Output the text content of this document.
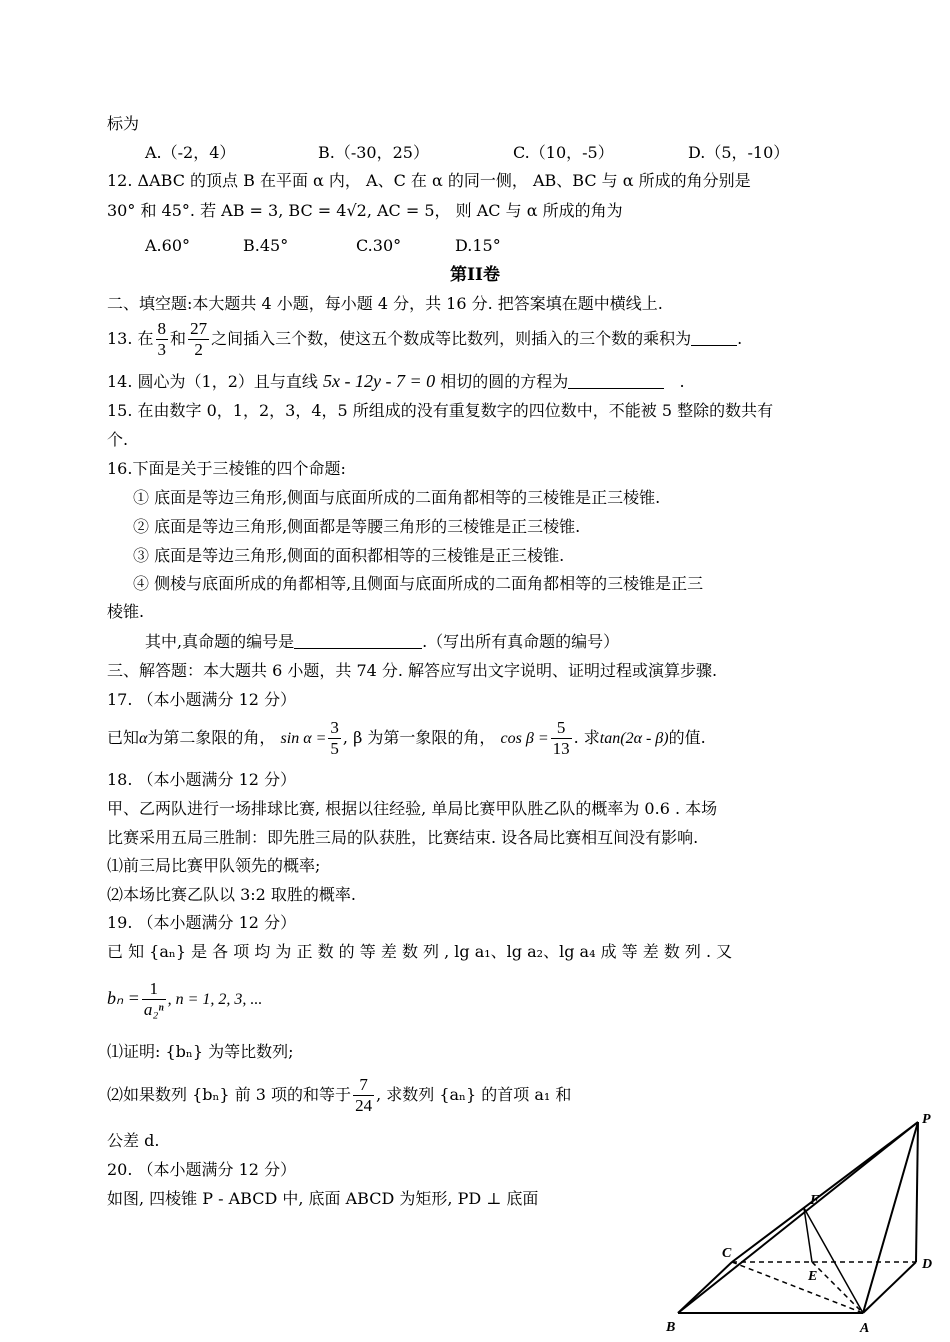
标为
A.（-2，4）	B.（-30，25）	C.（10，-5）	D.（5，-10）
12. ΔABC 的顶点 B 在平面 α 内， A、C 在 α 的同一侧， AB、BC 与 α 所成的角分别是
30° 和 45°. 若 AB = 3, BC = 4√2, AC = 5， 则 AC 与 α 所成的角为
A.60°	B.45°	C.30°	D.15°
第II卷
二、填空题:本大题共 4 小题，每小题 4 分，共 16 分. 把答案填在题中横线上.
13. 在 $\frac{8}{3}$ 和 $\frac{27}{2}$ 之间插入三个数，使这五个数成等比数列，则插入的三个数的乘积为	.
14. 圆心为（1，2）且与直线 5x - 12y - 7 = 0 相切的圆的方程为	.
15. 在由数字 0，1，2，3，4，5 所组成的没有重复数字的四位数中，不能被 5 整除的数共有
个.
16.下面是关于三棱锥的四个命题:
① 底面是等边三角形,侧面与底面所成的二面角都相等的三棱锥是正三棱锥.
② 底面是等边三角形,侧面都是等腰三角形的三棱锥是正三棱锥.
③ 底面是等边三角形,侧面的面积都相等的三棱锥是正三棱锥.
④ 侧棱与底面所成的角都相等,且侧面与底面所成的二面角都相等的三棱锥是正三
棱锥.
其中,真命题的编号是	.（写出所有真命题的编号）
三、解答题：本大题共 6 小题，共 74 分. 解答应写出文字说明、证明过程或演算步骤.
17. （本小题满分 12 分）
已知α为第二象限的角， $\sin \alpha = \frac{3}{5}$ , β 为第一象限的角， $\cos \beta = \frac{5}{13}$ . 求tan(2α - β)的值.
18. （本小题满分 12 分）
甲、乙两队进行一场排球比赛, 根据以往经验, 单局比赛甲队胜乙队的概率为 0.6 . 本场
比赛采用五局三胜制：即先胜三局的队获胜，比赛结束. 设各局比赛相互间没有影响.
⑴前三局比赛甲队领先的概率;
⑵本场比赛乙队以 3:2 取胜的概率.
19. （本小题满分 12 分）
已 知 {aₙ} 是 各 项 均 为 正 数 的 等 差 数 列 , lg a₁、lg a₂、lg a₄ 成 等 差 数 列 . 又
$b_n = \frac{1}{\text{a₂ⁿ}}$ , n = 1, 2, 3, ...
⑴证明: {bₙ} 为等比数列;
⑵如果数列 {bₙ} 前 3 项的和等于 $\frac{7}{24}$ , 求数列 {aₙ} 的首项 a₁ 和
公差 d.
20. （本小题满分 12 分）
如图, 四棱锥 P - ABCD 中, 底面 ABCD 为矩形, PD ⊥ 底面
P
F
C
D
E
B	A
